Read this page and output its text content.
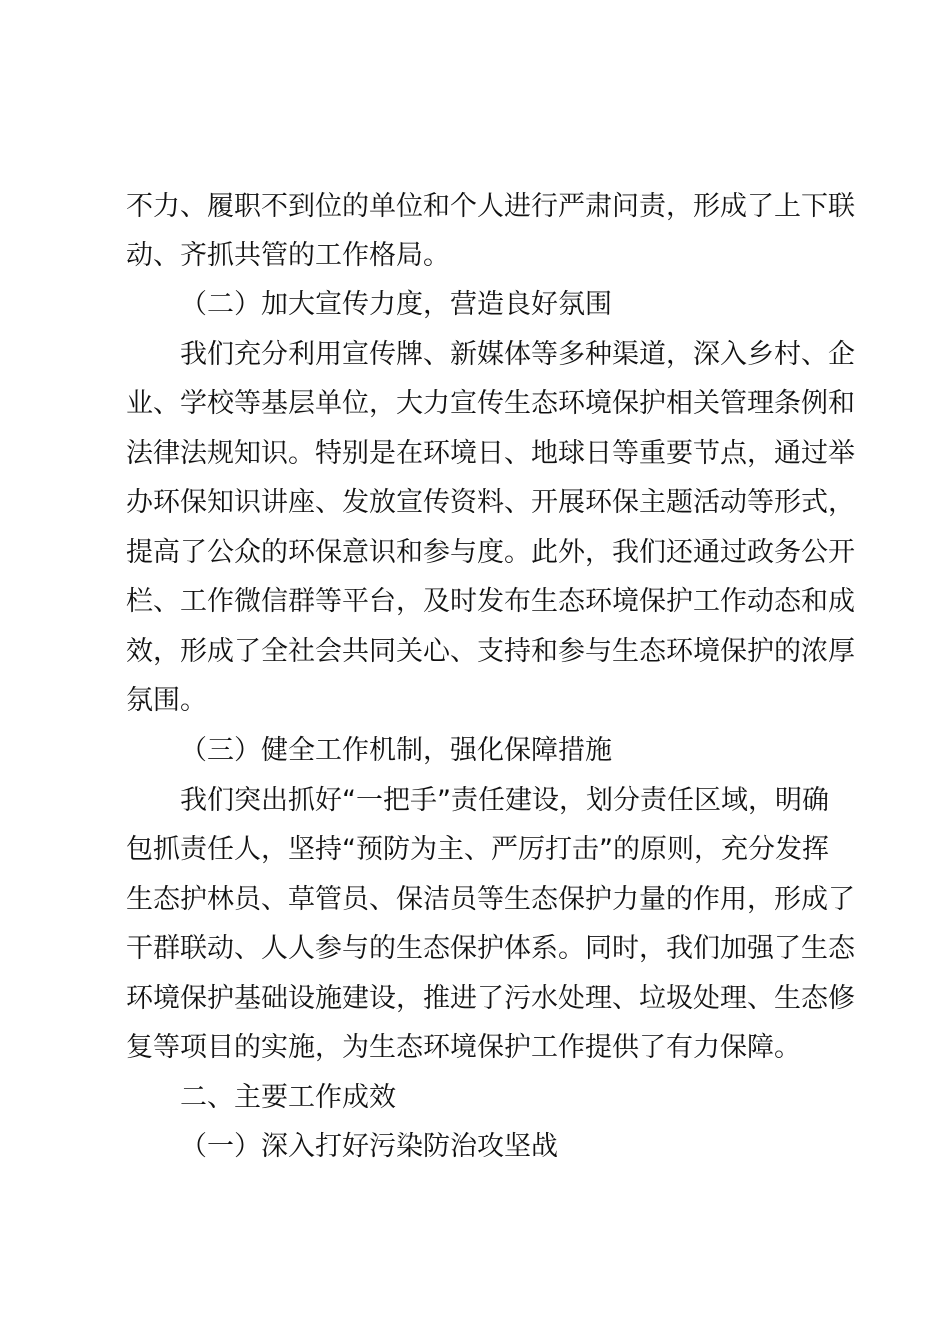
不力、履职不到位的单位和个人进行严肃问责，形成了上下联
动、齐抓共管的工作格局。
（二）加大宣传力度，营造良好氛围
我们充分利用宣传牌、新媒体等多种渠道，深入乡村、企
业、学校等基层单位，大力宣传生态环境保护相关管理条例和
法律法规知识。特别是在环境日、地球日等重要节点，通过举
办环保知识讲座、发放宣传资料、开展环保主题活动等形式，
提高了公众的环保意识和参与度。此外，我们还通过政务公开
栏、工作微信群等平台，及时发布生态环境保护工作动态和成
效，形成了全社会共同关心、支持和参与生态环境保护的浓厚
氛围。
（三）健全工作机制，强化保障措施
我们突出抓好“一把手”责任建设，划分责任区域，明确
包抓责任人，坚持“预防为主、严厉打击”的原则，充分发挥
生态护林员、草管员、保洁员等生态保护力量的作用，形成了
干群联动、人人参与的生态保护体系。同时，我们加强了生态
环境保护基础设施建设，推进了污水处理、垃圾处理、生态修
复等项目的实施，为生态环境保护工作提供了有力保障。
二、主要工作成效
（一）深入打好污染防治攻坚战
